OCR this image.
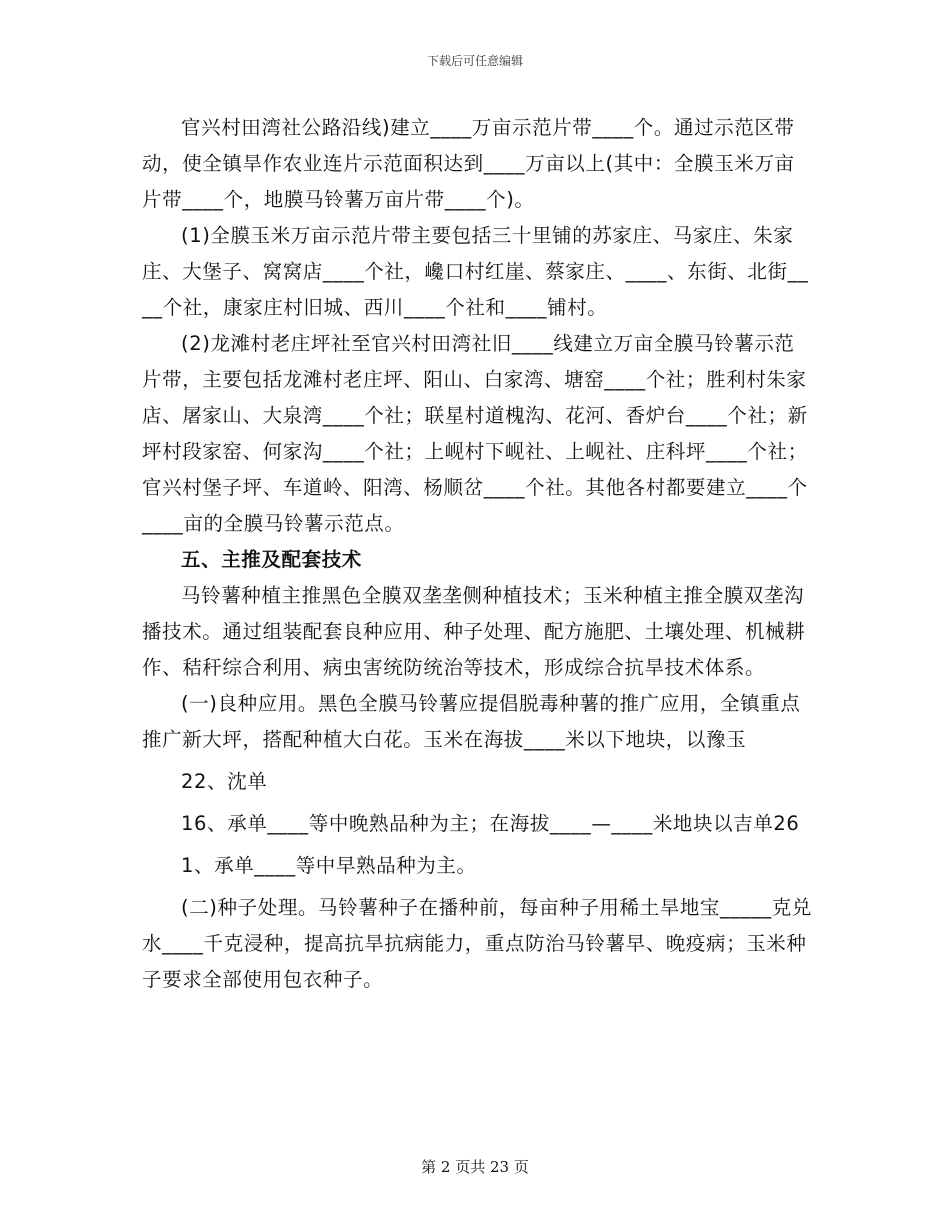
下载后可任意编辑

官兴村田湾社公路沿线)建立____万亩示范片带____个。通过示范区带动，使全镇旱作农业连片示范面积达到____万亩以上(其中：全膜玉米万亩片带____个，地膜马铃薯万亩片带____个)。

(1)全膜玉米万亩示范片带主要包括三十里铺的苏家庄、马家庄、朱家庄、大堡子、窝窝店____个社，巉口村红崖、蔡家庄、____、东街、北街____个社，康家庄村旧城、西川____个社和____铺村。

(2)龙滩村老庄坪社至官兴村田湾社旧____线建立万亩全膜马铃薯示范片带，主要包括龙滩村老庄坪、阳山、白家湾、塘窑____个社；胜利村朱家店、屠家山、大泉湾____个社；联星村道槐沟、花河、香炉台____个社；新坪村段家窑、何家沟____个社；上岘村下岘社、上岘社、庄科坪____个社；官兴村堡子坪、车道岭、阳湾、杨顺岔____个社。其他各村都要建立____个____亩的全膜马铃薯示范点。

五、主推及配套技术

马铃薯种植主推黑色全膜双垄垄侧种植技术；玉米种植主推全膜双垄沟播技术。通过组装配套良种应用、种子处理、配方施肥、土壤处理、机械耕作、秸秆综合利用、病虫害统防统治等技术，形成综合抗旱技术体系。

(一)良种应用。黑色全膜马铃薯应提倡脱毒种薯的推广应用，全镇重点推广新大坪，搭配种植大白花。玉米在海拔____米以下地块，以豫玉

22、沈单

16、承单____等中晚熟品种为主；在海拔____—____米地块以吉单26

1、承单____等中早熟品种为主。

(二)种子处理。马铃薯种子在播种前，每亩种子用稀土旱地宝_____克兑水____千克浸种，提高抗旱抗病能力，重点防治马铃薯早、晚疫病；玉米种子要求全部使用包衣种子。

第 2 页共 23 页
